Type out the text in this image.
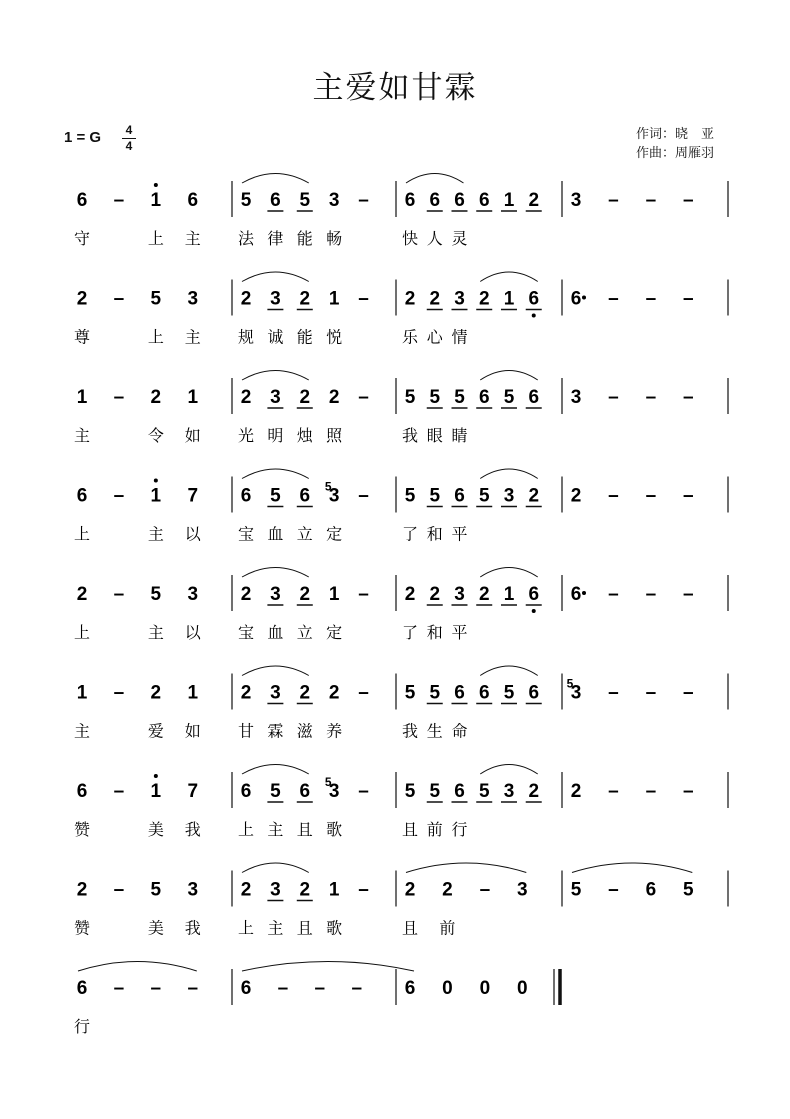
主爱如甘霖
1 = G	4
4
作词：晓　亚
作曲：周雁羽
6 – 1 6 5 6 5 3 – 6 6 6 6 1 2 3 – – –
守	上 主 法 律 能 畅	快 人 灵
2 – 5 3 2 3 2 1 – 2 2 3 2 1 6 6 – – –
尊	上 主 规 诚 能 悦	乐 心 情
1 – 2 1 2 3 2 2 – 5 5 5 6 5 6 3 – – –
主	令 如 光 明 烛 照	我 眼 睛
6 – 1 7 6 5 6 3
5 – 5 5 6 5 3 2 2 – – –
上	主 以 宝 血 立 定	了 和 平
2 – 5 3 2 3 2 1 – 2 2 3 2 1 6 6 – – –
上	主 以 宝 血 立 定	了 和 平
1 – 2 1 2 3 2 2 – 5 5 6 6 5 6 3
5 – – –
主	爱 如 甘 霖 滋 养	我 生 命
6 – 1 7 6 5 6 3
5 – 5 5 6 5 3 2 2 – – –
赞	美 我 上 主 且 歌	且 前 行
2 – 5 3 2 3 2 1 – 2 2 – 3 5 – 6 5
赞	美 我 上 主 且 歌	且 前
6 – – – 6 – – – 6 0 0 0
行
